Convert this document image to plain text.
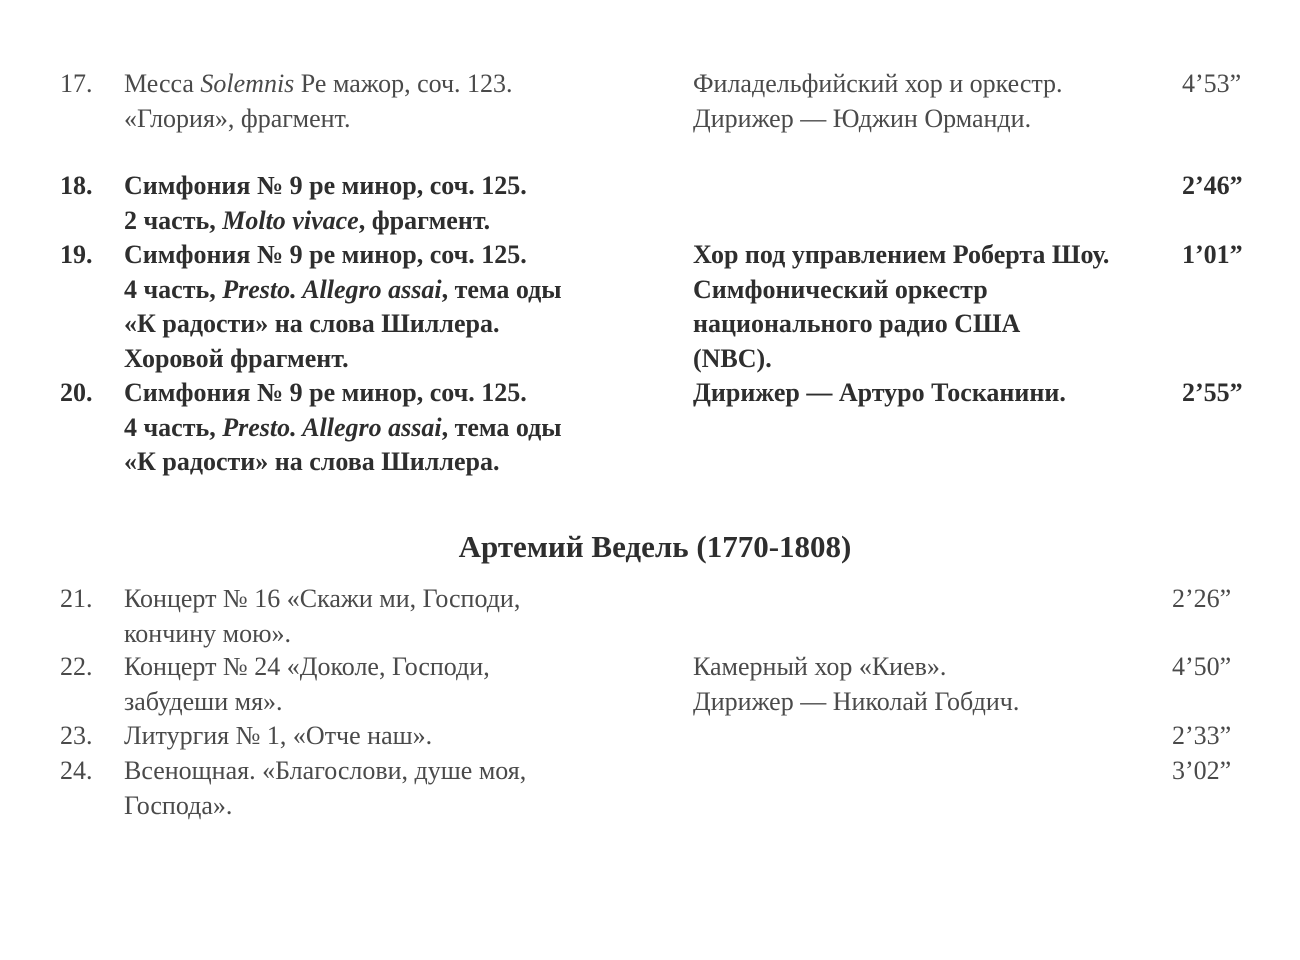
17. Месса Solemnis Ре мажор, соч. 123.
«Глория», фрагмент.
Филадельфийский хор и оркестр.
Дирижер — Юджин Орманди.
4’53”
18. Симфония № 9 ре минор, соч. 125.
2 часть, Molto vivace, фрагмент.
2’46”
19. Симфония № 9 ре минор, соч. 125.
4 часть, Presto. Allegro assai, тема оды
«К радости» на слова Шиллера.
Хоровой фрагмент.
Хор под управлением Роберта Шоу.
Симфонический оркестр
национального радио США
(NBC).
1’01”
20. Симфония № 9 ре минор, соч. 125.
4 часть, Presto. Allegro assai, тема оды
«К радости» на слова Шиллера.
Дирижер — Артуро Тосканини.	2’55”
Артемий Ведель (1770-1808)
21. Концерт № 16 «Скажи ми, Господи,
кончину мою».
2’26”
22. Концерт № 24 «Доколе, Господи,
забудеши мя».
Камерный хор «Киев».
Дирижер — Николай Гобдич.
4’50”
23. Литургия № 1, «Отче наш».	2’33”
24. Всенощная. «Благослови, душе моя,
Господа».
3’02”
